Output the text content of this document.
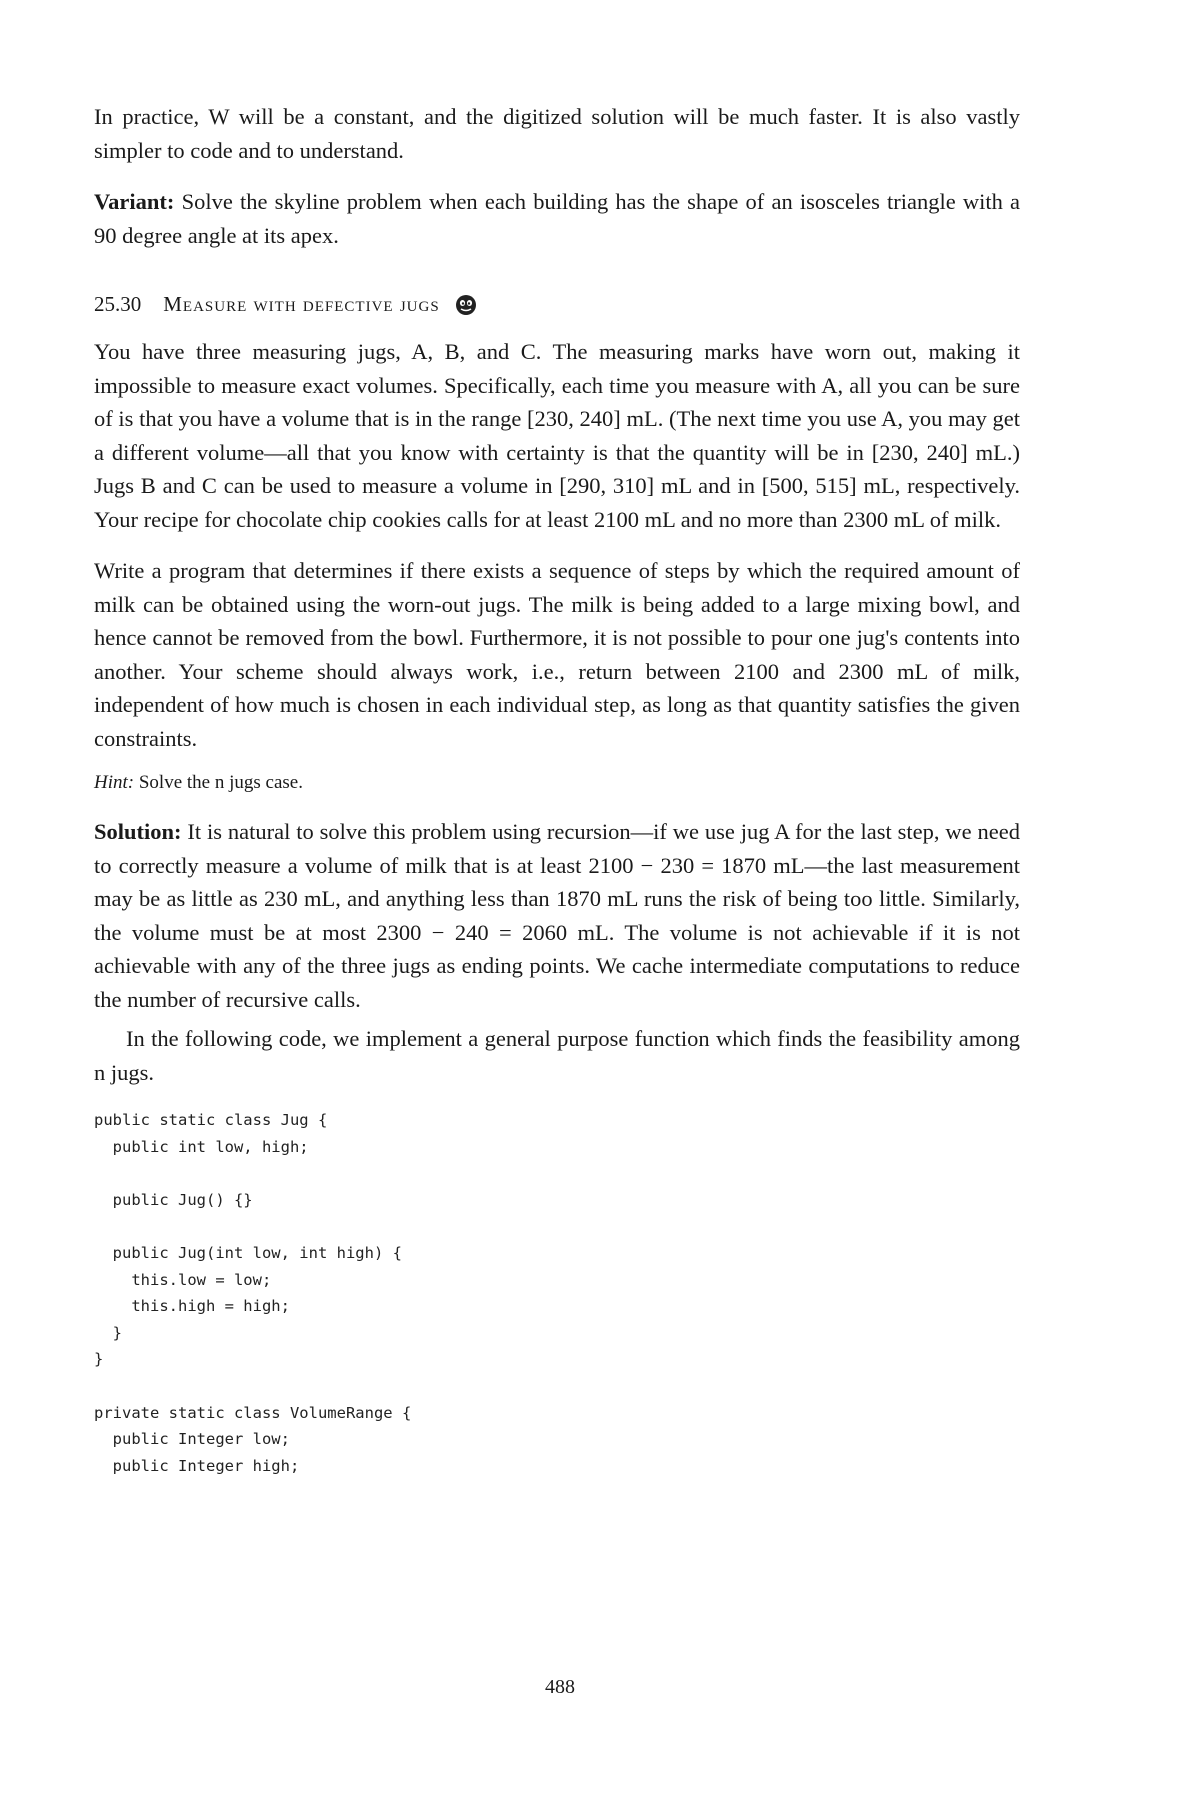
In practice, W will be a constant, and the digitized solution will be much faster. It is also vastly simpler to code and to understand.

Variant: Solve the skyline problem when each building has the shape of an isosceles triangle with a 90 degree angle at its apex.

25.30 Measure with defective jugs

You have three measuring jugs, A, B, and C. The measuring marks have worn out, making it impossible to measure exact volumes. Specifically, each time you measure with A, all you can be sure of is that you have a volume that is in the range [230, 240] mL. (The next time you use A, you may get a different volume—all that you know with certainty is that the quantity will be in [230, 240] mL.) Jugs B and C can be used to measure a volume in [290, 310] mL and in [500, 515] mL, respectively. Your recipe for chocolate chip cookies calls for at least 2100 mL and no more than 2300 mL of milk.

Write a program that determines if there exists a sequence of steps by which the required amount of milk can be obtained using the worn-out jugs. The milk is being added to a large mixing bowl, and hence cannot be removed from the bowl. Furthermore, it is not possible to pour one jug's contents into another. Your scheme should always work, i.e., return between 2100 and 2300 mL of milk, independent of how much is chosen in each individual step, as long as that quantity satisfies the given constraints.

Hint: Solve the n jugs case.

Solution: It is natural to solve this problem using recursion—if we use jug A for the last step, we need to correctly measure a volume of milk that is at least 2100 − 230 = 1870 mL—the last measurement may be as little as 230 mL, and anything less than 1870 mL runs the risk of being too little. Similarly, the volume must be at most 2300 − 240 = 2060 mL. The volume is not achievable if it is not achievable with any of the three jugs as ending points. We cache intermediate computations to reduce the number of recursive calls.

In the following code, we implement a general purpose function which finds the feasibility among n jugs.

public static class Jug {
public int low, high;

public Jug() {}

public Jug(int low, int high) {
this.low = low;
this.high = high;
}
}

private static class VolumeRange {
public Integer low;
public Integer high;
488
